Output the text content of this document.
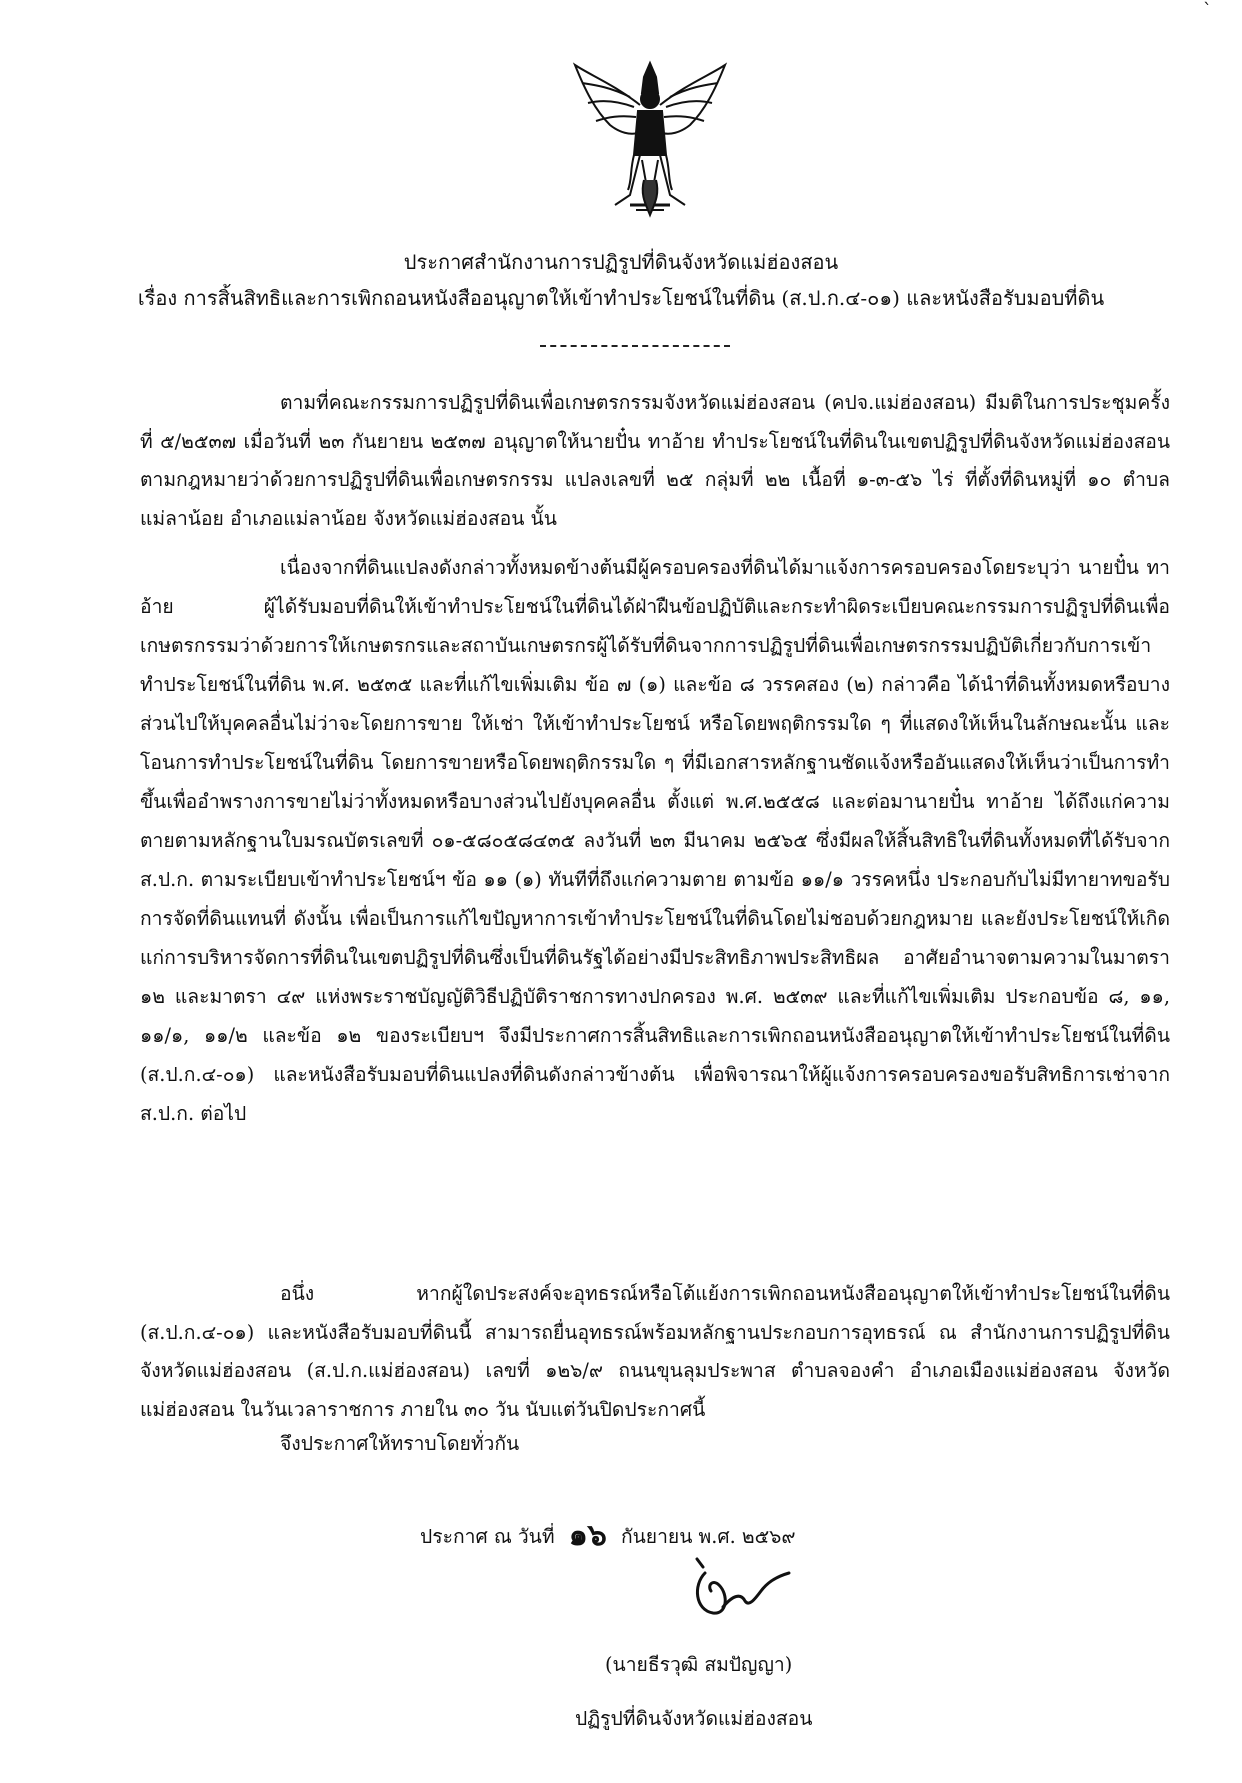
ˋ
ประกาศสำนักงานการปฏิรูปที่ดินจังหวัดแม่ฮ่องสอน
เรื่อง การสิ้นสิทธิและการเพิกถอนหนังสืออนุญาตให้เข้าทำประโยชน์ในที่ดิน (ส.ป.ก.๔-๐๑) และหนังสือรับมอบที่ดิน

ตามที่คณะกรรมการปฏิรูปที่ดินเพื่อเกษตรกรรมจังหวัดแม่ฮ่องสอน (คปจ.แม่ฮ่องสอน) มีมติในการประชุมครั้งที่ ๕/๒๕๓๗ เมื่อวันที่ ๒๓ กันยายน ๒๕๓๗ อนุญาตให้นายปั๋น ทาอ้าย ทำประโยชน์ในที่ดินในเขตปฏิรูปที่ดินจังหวัดแม่ฮ่องสอน ตามกฎหมายว่าด้วยการปฏิรูปที่ดินเพื่อเกษตรกรรม แปลงเลขที่ ๒๕ กลุ่มที่ ๒๒ เนื้อที่ ๑-๓-๕๖ ไร่ ที่ตั้งที่ดินหมู่ที่ ๑๐ ตำบลแม่ลาน้อย อำเภอแม่ลาน้อย จังหวัดแม่ฮ่องสอน นั้น

เนื่องจากที่ดินแปลงดังกล่าวทั้งหมดข้างต้นมีผู้ครอบครองที่ดินได้มาแจ้งการครอบครองโดยระบุว่า นายปั๋น ทาอ้าย ผู้ได้รับมอบที่ดินให้เข้าทำประโยชน์ในที่ดินได้ฝ่าฝืนข้อปฏิบัติและกระทำผิดระเบียบคณะกรรมการปฏิรูปที่ดินเพื่อเกษตรกรรมว่าด้วยการให้เกษตรกรและสถาบันเกษตรกรผู้ได้รับที่ดินจากการปฏิรูปที่ดินเพื่อเกษตรกรรมปฏิบัติเกี่ยวกับการเข้าทำประโยชน์ในที่ดิน พ.ศ. ๒๕๓๕ และที่แก้ไขเพิ่มเติม ข้อ ๗ (๑) และข้อ ๘ วรรคสอง (๒) กล่าวคือ ได้นำที่ดินทั้งหมดหรือบางส่วนไปให้บุคคลอื่นไม่ว่าจะโดยการขาย ให้เช่า ให้เข้าทำประโยชน์ หรือโดยพฤติกรรมใด ๆ ที่แสดงให้เห็นในลักษณะนั้น และโอนการทำประโยชน์ในที่ดิน โดยการขายหรือโดยพฤติกรรมใด ๆ ที่มีเอกสารหลักฐานชัดแจ้งหรืออันแสดงให้เห็นว่าเป็นการทำขึ้นเพื่ออำพรางการขายไม่ว่าทั้งหมดหรือบางส่วนไปยังบุคคลอื่น ตั้งแต่ พ.ศ.๒๕๕๘ และต่อมานายปั๋น ทาอ้าย ได้ถึงแก่ความตายตามหลักฐานใบมรณบัตรเลขที่ ๐๑-๕๘๐๕๘๔๓๕ ลงวันที่ ๒๓ มีนาคม ๒๕๖๕ ซึ่งมีผลให้สิ้นสิทธิในที่ดินทั้งหมดที่ได้รับจาก ส.ป.ก. ตามระเบียบเข้าทำประโยชน์ฯ ข้อ ๑๑ (๑) ทันทีที่ถึงแก่ความตาย ตามข้อ ๑๑/๑ วรรคหนึ่ง ประกอบกับไม่มีทายาทขอรับการจัดที่ดินแทนที่ ดังนั้น เพื่อเป็นการแก้ไขปัญหาการเข้าทำประโยชน์ในที่ดินโดยไม่ชอบด้วยกฎหมาย และยังประโยชน์ให้เกิดแก่การบริหารจัดการที่ดินในเขตปฏิรูปที่ดินซึ่งเป็นที่ดินรัฐได้อย่างมีประสิทธิภาพประสิทธิผล อาศัยอำนาจตามความในมาตรา ๑๒ และมาตรา ๔๙ แห่งพระราชบัญญัติวิธีปฏิบัติราชการทางปกครอง พ.ศ. ๒๕๓๙ และที่แก้ไขเพิ่มเติม ประกอบข้อ ๘, ๑๑, ๑๑/๑, ๑๑/๒ และข้อ ๑๒ ของระเบียบฯ จึงมีประกาศการสิ้นสิทธิและการเพิกถอนหนังสืออนุญาตให้เข้าทำประโยชน์ในที่ดิน (ส.ป.ก.๔-๐๑) และหนังสือรับมอบที่ดินแปลงที่ดินดังกล่าวข้างต้น เพื่อพิจารณาให้ผู้แจ้งการครอบครองขอรับสิทธิการเช่าจาก ส.ป.ก. ต่อไป

อนึ่ง หากผู้ใดประสงค์จะอุทธรณ์หรือโต้แย้งการเพิกถอนหนังสืออนุญาตให้เข้าทำประโยชน์ในที่ดิน (ส.ป.ก.๔-๐๑) และหนังสือรับมอบที่ดินนี้ สามารถยื่นอุทธรณ์พร้อมหลักฐานประกอบการอุทธรณ์ ณ สำนักงานการปฏิรูปที่ดินจังหวัดแม่ฮ่องสอน (ส.ป.ก.แม่ฮ่องสอน) เลขที่ ๑๒๖/๙ ถนนขุนลุมประพาส ตำบลจองคำ อำเภอเมืองแม่ฮ่องสอน จังหวัดแม่ฮ่องสอน ในวันเวลาราชการ ภายใน ๓๐ วัน นับแต่วันปิดประกาศนี้

จึงประกาศให้ทราบโดยทั่วกัน

ประกาศ ณ วันที่ ๑๖ กันยายน พ.ศ. ๒๕๖๙
(นายธีรวุฒิ สมปัญญา)
ปฏิรูปที่ดินจังหวัดแม่ฮ่องสอน
